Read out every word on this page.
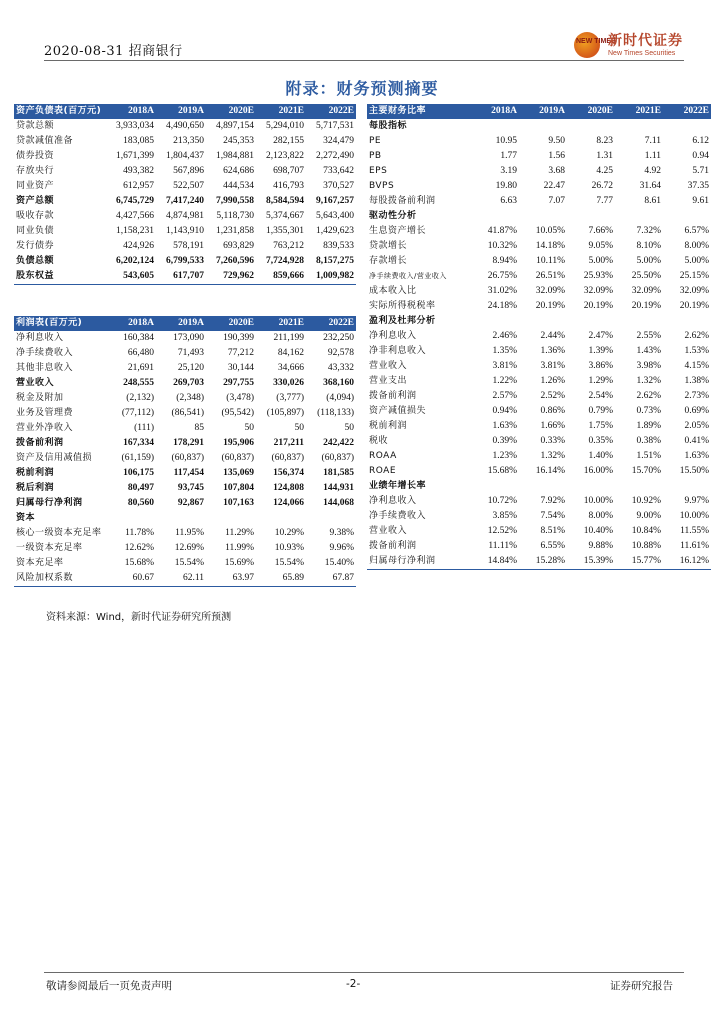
2020-08-31 招商银行
NEW TIMES
新时代证券
New Times Securities
附录：财务预测摘要
资产负债表(百万元)	2018A	2019A	2020E	2021E	2022E
贷款总额	3,933,034	4,490,650	4,897,154	5,294,010	5,717,531
贷款减值准备	183,085	213,350	245,353	282,155	324,479
债券投资	1,671,399	1,804,437	1,984,881	2,123,822	2,272,490
存放央行	493,382	567,896	624,686	698,707	733,642
同业资产	612,957	522,507	444,534	416,793	370,527
资产总额	6,745,729	7,417,240	7,990,558	8,584,594	9,167,257
吸收存款	4,427,566	4,874,981	5,118,730	5,374,667	5,643,400
同业负债	1,158,231	1,143,910	1,231,858	1,355,301	1,429,623
发行债券	424,926	578,191	693,829	763,212	839,533
负债总额	6,202,124	6,799,533	7,260,596	7,724,928	8,157,275
股东权益	543,605	617,707	729,962	859,666	1,009,982
利润表(百万元)	2018A	2019A	2020E	2021E	2022E
净利息收入	160,384	173,090	190,399	211,199	232,250
净手续费收入	66,480	71,493	77,212	84,162	92,578
其他非息收入	21,691	25,120	30,144	34,666	43,332
营业收入	248,555	269,703	297,755	330,026	368,160
税金及附加	(2,132)	(2,348)	(3,478)	(3,777)	(4,094)
业务及管理费	(77,112)	(86,541)	(95,542)	(105,897)	(118,133)
营业外净收入	(111)	85	50	50	50
拨备前利润	167,334	178,291	195,906	217,211	242,422
资产及信用减值损	(61,159)	(60,837)	(60,837)	(60,837)	(60,837)
税前利润	106,175	117,454	135,069	156,374	181,585
税后利润	80,497	93,745	107,804	124,808	144,931
归属母行净利润	80,560	92,867	107,163	124,066	144,068
资本					
核心一级资本充足率	11.78%	11.95%	11.29%	10.29%	9.38%
一级资本充足率	12.62%	12.69%	11.99%	10.93%	9.96%
资本充足率	15.68%	15.54%	15.69%	15.54%	15.40%
风险加权系数	60.67	62.11	63.97	65.89	67.87
主要财务比率	2018A	2019A	2020E	2021E	2022E
每股指标					
PE	10.95	9.50	8.23	7.11	6.12
PB	1.77	1.56	1.31	1.11	0.94
EPS	3.19	3.68	4.25	4.92	5.71
BVPS	19.80	22.47	26.72	31.64	37.35
每股拨备前利润	6.63	7.07	7.77	8.61	9.61
驱动性分析					
生息资产增长	41.87%	10.05%	7.66%	7.32%	6.57%
贷款增长	10.32%	14.18%	9.05%	8.10%	8.00%
存款增长	8.94%	10.11%	5.00%	5.00%	5.00%
净手续费收入/营业收入	26.75%	26.51%	25.93%	25.50%	25.15%
成本收入比	31.02%	32.09%	32.09%	32.09%	32.09%
实际所得税税率	24.18%	20.19%	20.19%	20.19%	20.19%
盈利及杜邦分析					
净利息收入	2.46%	2.44%	2.47%	2.55%	2.62%
净非利息收入	1.35%	1.36%	1.39%	1.43%	1.53%
营业收入	3.81%	3.81%	3.86%	3.98%	4.15%
营业支出	1.22%	1.26%	1.29%	1.32%	1.38%
拨备前利润	2.57%	2.52%	2.54%	2.62%	2.73%
资产减值损失	0.94%	0.86%	0.79%	0.73%	0.69%
税前利润	1.63%	1.66%	1.75%	1.89%	2.05%
税收	0.39%	0.33%	0.35%	0.38%	0.41%
ROAA	1.23%	1.32%	1.40%	1.51%	1.63%
ROAE	15.68%	16.14%	16.00%	15.70%	15.50%
业绩年增长率					
净利息收入	10.72%	7.92%	10.00%	10.92%	9.97%
净手续费收入	3.85%	7.54%	8.00%	9.00%	10.00%
营业收入	12.52%	8.51%	10.40%	10.84%	11.55%
拨备前利润	11.11%	6.55%	9.88%	10.88%	11.61%
归属母行净利润	14.84%	15.28%	15.39%	15.77%	16.12%
资料来源：Wind，新时代证券研究所预测
敬请参阅最后一页免责声明	-2-	证券研究报告
